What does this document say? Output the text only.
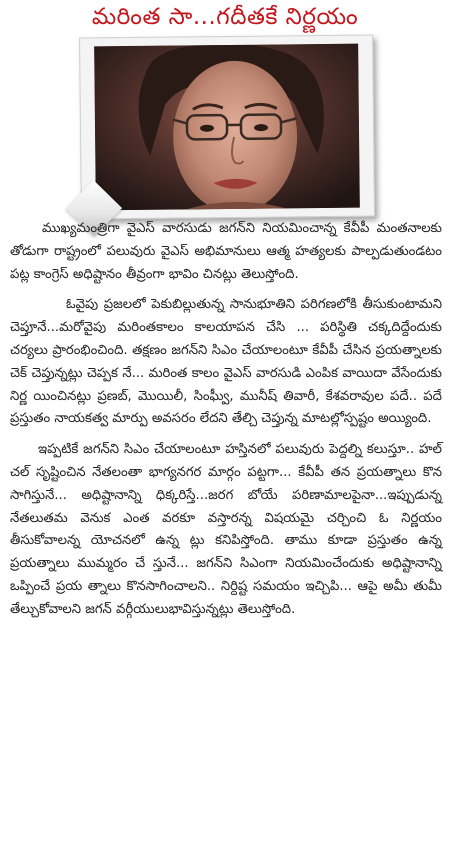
మరింత సా...గదీతకే నిర్ణయం

ముఖ్యమంత్రిగా వైఎస్ వారసుడు జగన్‌ని నియమించాన్న కేవీపీ మంతనాలకు తోడుగా రాష్ట్రంలో పలువురు వైఎస్ అభిమానులు ఆత్మ హత్యలకు పాల్పడుతుండటం పట్ల కాంగ్రెస్ అధిష్టానం తీవ్రంగా భావిం చినట్లు తెలుస్తోంది.

ఓవైపు ప్రజలలో పెకుబిల్లుతున్న సానుభూతిని పరిగణలోకి తీసుకుంటామని చెప్తూనే...మరోవైపు మరింతకాలం కాలయాపన చేసి ... పరిస్థితి చక్కదిద్దేందుకు చర్యలు ప్రారంభించింది. తక్షణం జగన్‌ని సిఎం చేయాలంటూ కేవీపీ చేసిన ప్రయత్నాలకు చెక్ చెప్తున్నట్లు చెప్పక నే... మరింత కాలం వైఎస్ వారసుడి ఎంపిక వాయిదా వేసేందుకు నిర్ణ యించినట్లు ప్రణబ్, మొయిలీ, సింఘ్వీ, మునీష్ తివారీ, కేశవరావుల పదే.. పదే ప్రస్తుతం నాయకత్వ మార్పు అవసరం లేదని తేల్చి చెప్తున్న మాటల్లోస్పష్టం అయ్యింది.

ఇప్పటికే జగన్‌ని సిఎం చేయాలంటూ హస్తినలో పలువురు పెద్దల్ని కలుస్తూ.. హల్ చల్ సృష్టించిన నేతలంతా భాగ్యనగర మార్గం పట్టగా... కేవీపీ తన ప్రయత్నాలు కొన సాగిస్తునే... అధిష్టానాన్ని ధిక్కరిస్తే...జరగ బోయే పరిణామాలపైనా...ఇప్పుడున్న నేతలుతమ వెనుక ఎంత వరకూ వస్తారన్న విషయమై చర్చించి ఓ నిర్ణయం తీసుకోవాలన్న యోచనలో ఉన్న ట్లు కనిపిస్తోంది. తాము కూడా ప్రస్తుతం ఉన్న ప్రయత్నాలు ముమ్మరం చే స్తునే... జగన్‌ని సిఎంగా నియమించేందుకు అధిష్టానాన్ని ఒప్పించే ప్రయ త్నాలు కొనసాగించాలని.. నిర్దిష్ట సమయం ఇచ్చిపి... ఆపై అమీ తుమీ తేల్చుకోవాలని జగన్ వర్గీయులుభావిస్తున్నట్లు తెలుస్తోంది.
